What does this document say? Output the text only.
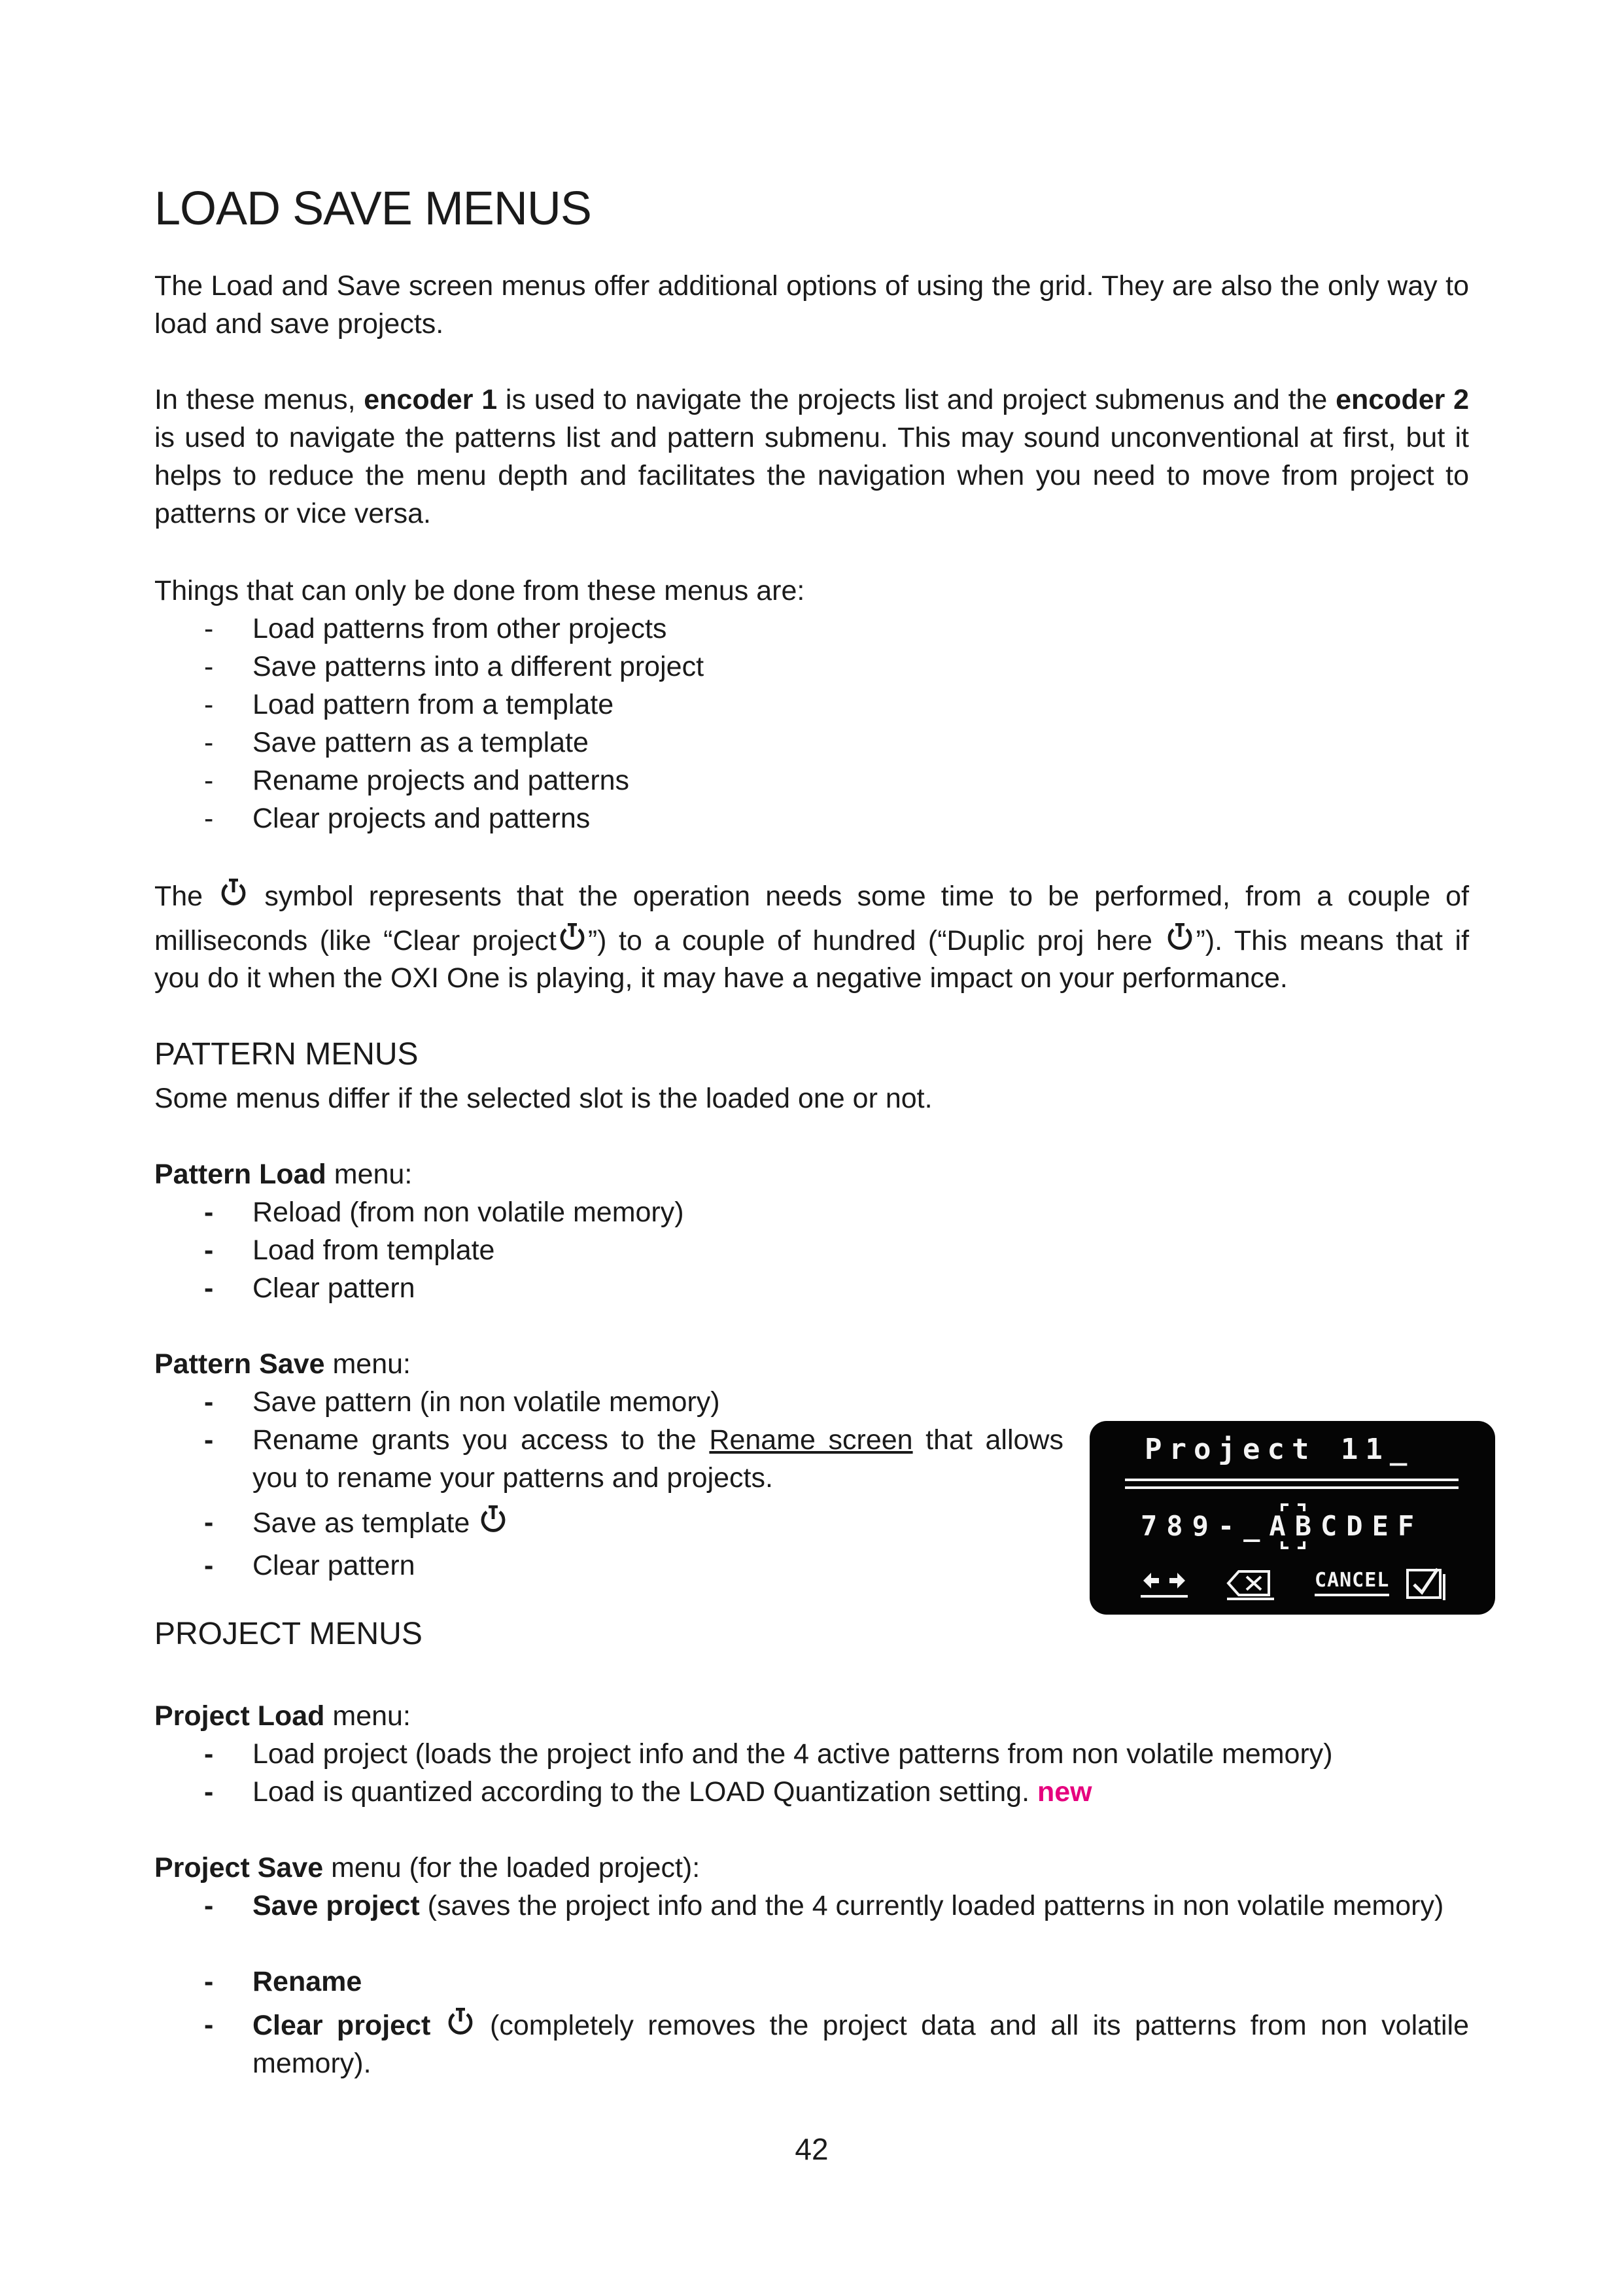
LOAD SAVE MENUS
The Load and Save screen menus offer additional options of using the grid. They are also the only way to load and save projects.
In these menus, encoder 1 is used to navigate the projects list and project submenus and the encoder 2 is used to navigate the patterns list and pattern submenu. This may sound unconventional at first, but it helps to reduce the menu depth and facilitates the navigation when you need to move from project to patterns or vice versa.
Things that can only be done from these menus are:
- Load patterns from other projects
- Save patterns into a different project
- Load pattern from a template
- Save pattern as a template
- Rename projects and patterns
- Clear projects and patterns
The symbol represents that the operation needs some time to be performed, from a couple of
milliseconds (like “Clear project ”) to a couple of hundred (“Duplic proj here ”). This means that if
you do it when the OXI One is playing, it may have a negative impact on your performance.
PATTERN MENUS
Some menus differ if the selected slot is the loaded one or not.
Pattern Load menu:
- Reload (from non volatile memory)
- Load from template
- Clear pattern
Pattern Save menu:
- Save pattern (in non volatile memory)
- Rename grants you access to the Rename screen that allows you to rename your patterns and projects.
- Save as template
- Clear pattern
Project 11_
789-_ABCDEF
CANCEL
PROJECT MENUS
Project Load menu:
- Load project (loads the project info and the 4 active patterns from non volatile memory)
- Load is quantized according to the LOAD Quantization setting. new
Project Save menu (for the loaded project):
- Save project (saves the project info and the 4 currently loaded patterns in non volatile memory)
- Rename
- Clear project (completely removes the project data and all its patterns from non volatile memory).
42
